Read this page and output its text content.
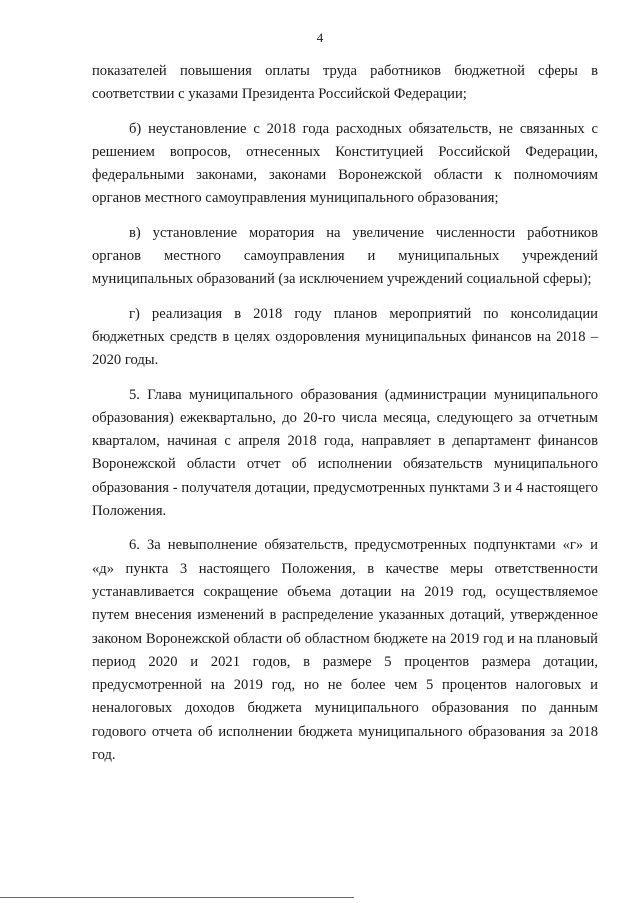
4

показателей повышения оплаты труда работников бюджетной сферы в соответствии с указами Президента Российской Федерации;

б) неустановление с 2018 года расходных обязательств, не связанных с решением вопросов, отнесенных Конституцией Российской Федерации, федеральными законами, законами Воронежской области к полномочиям органов местного самоуправления муниципального образования;

в) установление моратория на увеличение численности работников органов местного самоуправления и муниципальных учреждений муниципальных образований (за исключением учреждений социальной сферы);

г) реализация в 2018 году планов мероприятий по консолидации бюджетных средств в целях оздоровления муниципальных финансов на 2018 – 2020 годы.

5. Глава муниципального образования (администрации муниципального образования) ежеквартально, до 20-го числа месяца, следующего за отчетным кварталом, начиная с апреля 2018 года, направляет в департамент финансов Воронежской области отчет об исполнении обязательств муниципального образования - получателя дотации, предусмотренных пунктами 3 и 4 настоящего Положения.

6. За невыполнение обязательств, предусмотренных подпунктами «г» и «д» пункта 3 настоящего Положения, в качестве меры ответственности устанавливается сокращение объема дотации на 2019 год, осуществляемое путем внесения изменений в распределение указанных дотаций, утвержденное законом Воронежской области об областном бюджете на 2019 год и на плановый период 2020 и 2021 годов, в размере 5 процентов размера дотации, предусмотренной на 2019 год, но не более чем 5 процентов налоговых и неналоговых доходов бюджета муниципального образования по данным годового отчета об исполнении бюджета муниципального образования за 2018 год.
